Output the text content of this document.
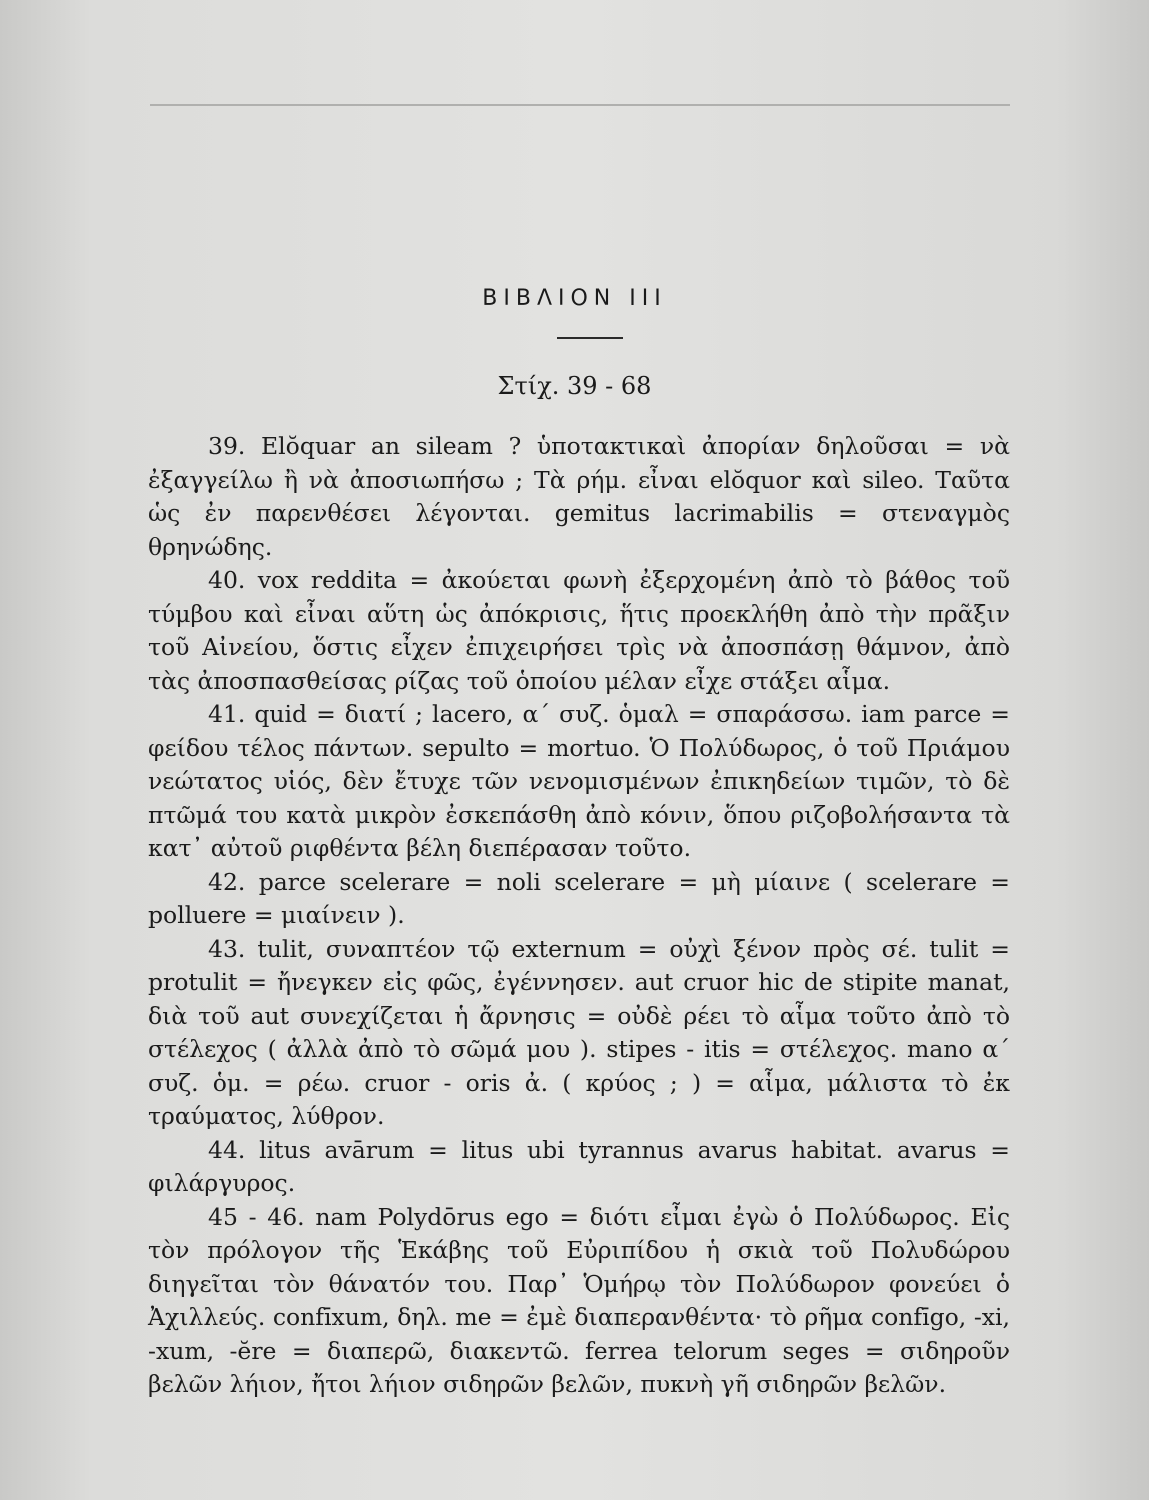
ΒΙΒΛΙΟΝ III
Στίχ. 39 - 68

39. Elŏquar an sileam ? ὑποτακτικαὶ ἀπορίαν δηλοῦσαι = νὰ ἐξαγγείλω ἢ νὰ ἀποσιωπήσω ; Τὰ ρήμ. εἶναι elŏquor καὶ sileo. Ταῦτα ὡς ἐν παρενθέσει λέγονται. gemitus lacrimabilis = στεναγμὸς θρηνώδης.

40. vox reddita = ἀκούεται φωνὴ ἐξερχομένη ἀπὸ τὸ βάθος τοῦ τύμβου καὶ εἶναι αὕτη ὡς ἀπόκρισις, ἥτις προεκλήθη ἀπὸ τὴν πρᾶξιν τοῦ Αἰνείου, ὅστις εἶχεν ἐπιχειρήσει τρὶς νὰ ἀποσπάσῃ θάμνον, ἀπὸ τὰς ἀποσπασθείσας ρίζας τοῦ ὁποίου μέλαν εἶχε στάξει αἷμα.

41. quid = διατί ; lacero, α΄ συζ. ὁμαλ = σπαράσσω. iam parce = φείδου τέλος πάντων. sepulto = mortuo. Ὁ Πολύδωρος, ὁ τοῦ Πριάμου νεώτατος υἱός, δὲν ἔτυχε τῶν νενομισμένων ἐπικηδείων τιμῶν, τὸ δὲ πτῶμά του κατὰ μικρὸν ἐσκεπάσθη ἀπὸ κόνιν, ὅπου ριζοβολήσαντα τὰ κατ᾿ αὐτοῦ ριφθέντα βέλη διεπέρασαν τοῦτο.

42. parce scelerare = noli scelerare = μὴ μίαινε ( scelerare = polluere = μιαίνειν ).

43. tulit, συναπτέον τῷ externum = οὐχὶ ξένον πρὸς σέ. tulit = protulit = ἤνεγκεν εἰς φῶς, ἐγέννησεν. aut cruor hic de stipite manat, διὰ τοῦ aut συνεχίζεται ἡ ἄρνησις = οὐδὲ ρέει τὸ αἷμα τοῦτο ἀπὸ τὸ στέλεχος ( ἀλλὰ ἀπὸ τὸ σῶμά μου ). stipes - itis = στέλεχος. mano α΄ συζ. ὁμ. = ρέω. cruor - oris ἀ. ( κρύος ; ) = αἷμα, μάλιστα τὸ ἐκ τραύματος, λύθρον.

44. litus avārum = litus ubi tyrannus avarus habitat. avarus = φιλάργυρος.

45 - 46. nam Polydōrus ego = διότι εἶμαι ἐγὼ ὁ Πολύδωρος. Εἰς τὸν πρόλογον τῆς Ἑκάβης τοῦ Εὐριπίδου ἡ σκιὰ τοῦ Πολυδώρου διηγεῖται τὸν θάνατόν του. Παρ᾿ Ὁμήρῳ τὸν Πολύδωρον φονεύει ὁ Ἀχιλλεύς. confīxum, δηλ. me = ἐμὲ διαπερανθέντα· τὸ ρῆμα confīgo, -xi, -xum, -ĕre = διαπερῶ, διακεντῶ. ferrea telorum seges = σιδηροῦν βελῶν λήιον, ἤτοι λήιον σιδηρῶν βελῶν, πυκνὴ γῆ σιδηρῶν βελῶν.
